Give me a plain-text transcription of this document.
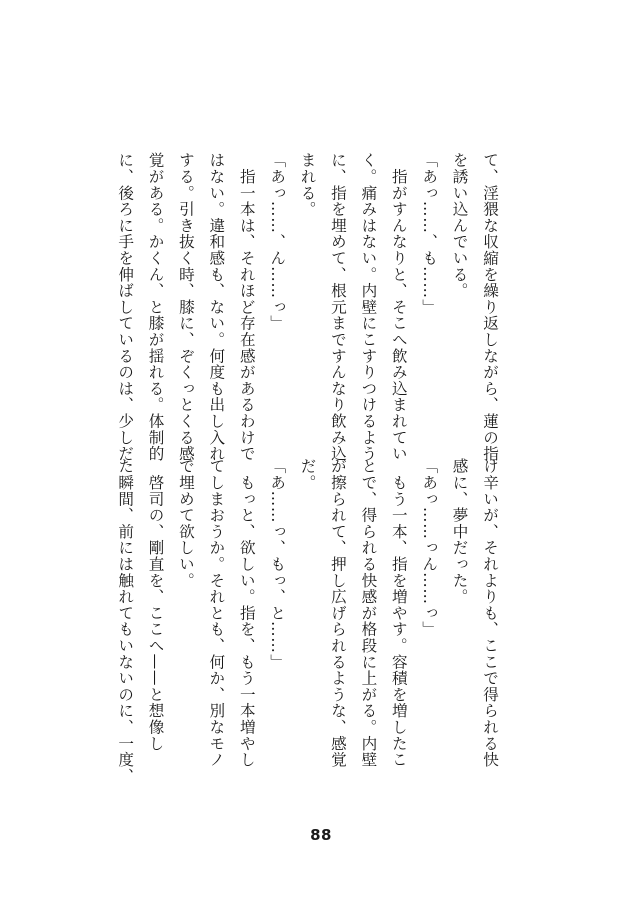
て、淫猥な収縮を繰り返しながら、蓮の指
を誘い込んでいる。
「あっ……、も……」
　指がすんなりと、そこへ飲み込まれてい
く。痛みはない。内壁にこすりつけるよう
に、指を埋めて、根元まですんなり飲み込
まれる。
「あっ……、ん……っ」
　指一本は、それほど存在感があるわけで
はない。違和感も、ない。何度も出し入れ
する。引き抜く時、膝に、ぞくっとくる感
覚がある。かくん、と膝が揺れる。体制的
に、後ろに手を伸ばしているのは、少しだ
け辛いが、それよりも、ここで得られる快
感に、夢中だった。
「あっ……っん……っ」
　もう一本、指を増やす。容積を増したこ
とで、得られる快感が格段に上がる。内壁
が擦られて、押し広げられるような、感覚
だ。
「あ……っ、もっ、と……」
　もっと、欲しい。指を、もう一本増やし
てしまおうか。それとも、何か、別なモノ
で埋めて欲しい。
　啓司の、剛直を、ここへ——と想像し
た瞬間、前には触れてもいないのに、一度、
88
